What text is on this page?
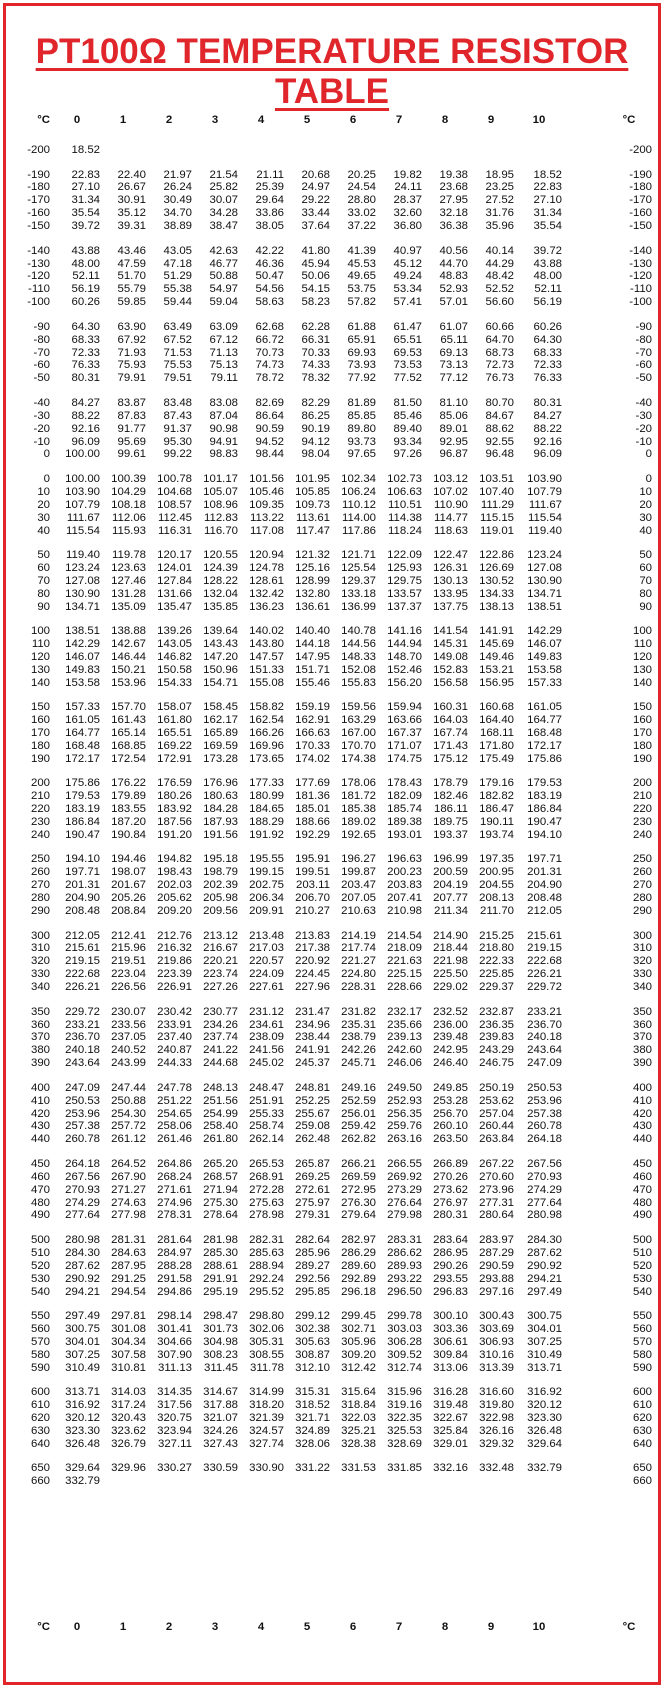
PT100Ω TEMPERATURE RESISTOR TABLE
°C	0	1	2	3	4	5	6	7	8	9	10	°C
-200	18.52	-200
-190	22.83	22.40	21.97	21.54	21.11	20.68	20.25	19.82	19.38	18.95	18.52	-190
-180	27.10	26.67	26.24	25.82	25.39	24.97	24.54	24.11	23.68	23.25	22.83	-180
-170	31.34	30.91	30.49	30.07	29.64	29.22	28.80	28.37	27.95	27.52	27.10	-170
-160	35.54	35.12	34.70	34.28	33.86	33.44	33.02	32.60	32.18	31.76	31.34	-160
-150	39.72	39.31	38.89	38.47	38.05	37.64	37.22	36.80	36.38	35.96	35.54	-150
-140	43.88	43.46	43.05	42.63	42.22	41.80	41.39	40.97	40.56	40.14	39.72	-140
-130	48.00	47.59	47.18	46.77	46.36	45.94	45.53	45.12	44.70	44.29	43.88	-130
-120	52.11	51.70	51.29	50.88	50.47	50.06	49.65	49.24	48.83	48.42	48.00	-120
-110	56.19	55.79	55.38	54.97	54.56	54.15	53.75	53.34	52.93	52.52	52.11	-110
-100	60.26	59.85	59.44	59.04	58.63	58.23	57.82	57.41	57.01	56.60	56.19	-100
-90	64.30	63.90	63.49	63.09	62.68	62.28	61.88	61.47	61.07	60.66	60.26	-90
-80	68.33	67.92	67.52	67.12	66.72	66.31	65.91	65.51	65.11	64.70	64.30	-80
-70	72.33	71.93	71.53	71.13	70.73	70.33	69.93	69.53	69.13	68.73	68.33	-70
-60	76.33	75.93	75.53	75.13	74.73	74.33	73.93	73.53	73.13	72.73	72.33	-60
-50	80.31	79.91	79.51	79.11	78.72	78.32	77.92	77.52	77.12	76.73	76.33	-50
-40	84.27	83.87	83.48	83.08	82.69	82.29	81.89	81.50	81.10	80.70	80.31	-40
-30	88.22	87.83	87.43	87.04	86.64	86.25	85.85	85.46	85.06	84.67	84.27	-30
-20	92.16	91.77	91.37	90.98	90.59	90.19	89.80	89.40	89.01	88.62	88.22	-20
-10	96.09	95.69	95.30	94.91	94.52	94.12	93.73	93.34	92.95	92.55	92.16	-10
0	100.00	99.61	99.22	98.83	98.44	98.04	97.65	97.26	96.87	96.48	96.09	0
0	100.00 100.39 100.78 101.17 101.56 101.95 102.34 102.73 103.12 103.51	103.90	0
10	103.90 104.29 104.68 105.07 105.46 105.85 106.24 106.63 107.02 107.40	107.79	10
20	107.79 108.18 108.57 108.96 109.35 109.73	110.12	110.51	110.90	111.29	111.67	20
30	111.67	112.06	112.45	112.83	113.22	113.61	114.00	114.38	114.77	115.15	115.54	30
40	115.54	115.93	116.31	116.70	117.08	117.47	117.86	118.24	118.63	119.01	119.40	40
50	119.40	119.78 120.17 120.55 120.94 121.32 121.71 122.09 122.47 122.86	123.24	50
60	123.24 123.63 124.01 124.39 124.78 125.16 125.54 125.93 126.31 126.69	127.08	60
70	127.08 127.46 127.84 128.22 128.61 128.99 129.37 129.75 130.13 130.52	130.90	70
80	130.90 131.28 131.66 132.04 132.42 132.80 133.18 133.57 133.95 134.33	134.71	80
90	134.71 135.09 135.47 135.85 136.23 136.61 136.99 137.37 137.75 138.13	138.51	90
100	138.51 138.88 139.26 139.64 140.02 140.40 140.78 141.16 141.54 141.91	142.29	100
110	142.29 142.67 143.05 143.43 143.80 144.18 144.56 144.94 145.31 145.69	146.07	110
120	146.07 146.44 146.82 147.20 147.57 147.95 148.33 148.70 149.08 149.46	149.83	120
130	149.83 150.21 150.58 150.96 151.33 151.71 152.08 152.46 152.83 153.21	153.58	130
140	153.58 153.96 154.33 154.71 155.08 155.46 155.83 156.20 156.58 156.95	157.33	140
150	157.33 157.70 158.07 158.45 158.82 159.19 159.56 159.94 160.31 160.68	161.05	150
160	161.05 161.43 161.80 162.17 162.54 162.91 163.29 163.66 164.03 164.40	164.77	160
170	164.77 165.14 165.51 165.89 166.26 166.63 167.00 167.37 167.74	168.11	168.48	170
180	168.48 168.85 169.22 169.59 169.96 170.33 170.70 171.07 171.43 171.80	172.17	180
190	172.17 172.54 172.91 173.28 173.65 174.02 174.38 174.75 175.12 175.49	175.86	190
200	175.86 176.22 176.59 176.96 177.33 177.69 178.06 178.43 178.79 179.16	179.53	200
210	179.53 179.89 180.26 180.63 180.99 181.36 181.72 182.09 182.46 182.82	183.19	210
220	183.19 183.55 183.92 184.28 184.65 185.01 185.38 185.74	186.11 186.47	186.84	220
230	186.84 187.20 187.56 187.93 188.29 188.66 189.02 189.38 189.75	190.11	190.47	230
240	190.47 190.84 191.20 191.56 191.92 192.29 192.65 193.01 193.37 193.74	194.10	240
250	194.10 194.46 194.82 195.18 195.55 195.91 196.27 196.63 196.99 197.35	197.71	250
260	197.71 198.07 198.43 198.79 199.15 199.51 199.87 200.23 200.59 200.95	201.31	260
270	201.31 201.67 202.03 202.39 202.75	203.11 203.47 203.83 204.19 204.55	204.90	270
280	204.90 205.26 205.62 205.98 206.34 206.70 207.05 207.41 207.77 208.13	208.48	280
290	208.48 208.84 209.20 209.56 209.91 210.27 210.63 210.98	211.34	211.70	212.05	290
300	212.05 212.41 212.76 213.12 213.48 213.83 214.19 214.54 214.90 215.25	215.61	300
310	215.61 215.96 216.32 216.67 217.03 217.38 217.74 218.09 218.44 218.80	219.15	310
320	219.15 219.51 219.86 220.21 220.57 220.92 221.27 221.63 221.98 222.33	222.68	320
330	222.68 223.04 223.39 223.74 224.09 224.45 224.80 225.15 225.50 225.85	226.21	330
340	226.21 226.56 226.91 227.26 227.61 227.96 228.31 228.66 229.02 229.37	229.72	340
350	229.72 230.07 230.42 230.77 231.12 231.47 231.82 232.17 232.52 232.87	233.21	350
360	233.21 233.56 233.91 234.26 234.61 234.96 235.31 235.66 236.00 236.35	236.70	360
370	236.70 237.05 237.40 237.74 238.09 238.44 238.79 239.13 239.48 239.83	240.18	370
380	240.18 240.52 240.87 241.22 241.56 241.91 242.26 242.60 242.95 243.29	243.64	380
390	243.64 243.99 244.33 244.68 245.02 245.37 245.71 246.06 246.40 246.75	247.09	390
400	247.09 247.44 247.78 248.13 248.47 248.81 249.16 249.50 249.85 250.19	250.53	400
410	250.53 250.88 251.22 251.56 251.91 252.25 252.59 252.93 253.28 253.62	253.96	410
420	253.96 254.30 254.65 254.99 255.33 255.67 256.01 256.35 256.70 257.04	257.38	420
430	257.38 257.72 258.06 258.40 258.74 259.08 259.42 259.76 260.10 260.44	260.78	430
440	260.78 261.12 261.46 261.80 262.14 262.48 262.82 263.16 263.50 263.84	264.18	440
450	264.18 264.52 264.86 265.20 265.53 265.87 266.21 266.55 266.89 267.22	267.56	450
460	267.56 267.90 268.24 268.57 268.91 269.25 269.59 269.92 270.26 270.60	270.93	460
470	270.93 271.27 271.61 271.94 272.28 272.61 272.95 273.29 273.62 273.96	274.29	470
480	274.29 274.63 274.96 275.30 275.63 275.97 276.30 276.64 276.97 277.31	277.64	480
490	277.64 277.98 278.31 278.64 278.98 279.31 279.64 279.98 280.31 280.64	280.98	490
500	280.98 281.31 281.64 281.98 282.31 282.64 282.97 283.31 283.64 283.97	284.30	500
510	284.30 284.63 284.97 285.30 285.63 285.96 286.29 286.62 286.95 287.29	287.62	510
520	287.62 287.95 288.28 288.61 288.94 289.27 289.60 289.93 290.26 290.59	290.92	520
530	290.92 291.25 291.58 291.91 292.24 292.56 292.89 293.22 293.55 293.88	294.21	530
540	294.21 294.54 294.86 295.19 295.52 295.85 296.18 296.50 296.83 297.16	297.49	540
550	297.49 297.81 298.14 298.47 298.80 299.12 299.45 299.78 300.10 300.43	300.75	550
560	300.75 301.08 301.41 301.73 302.06 302.38 302.71 303.03 303.36 303.69	304.01	560
570	304.01 304.34 304.66 304.98 305.31 305.63 305.96 306.28 306.61 306.93	307.25	570
580	307.25 307.58 307.90 308.23 308.55 308.87 309.20 309.52 309.84 310.16	310.49	580
590	310.49 310.81	311.13	311.45	311.78 312.10 312.42 312.74 313.06 313.39	313.71	590
600	313.71 314.03 314.35 314.67 314.99 315.31 315.64 315.96 316.28 316.60	316.92	600
610	316.92 317.24 317.56 317.88 318.20 318.52 318.84 319.16 319.48 319.80	320.12	610
620	320.12 320.43 320.75 321.07 321.39 321.71 322.03 322.35 322.67 322.98	323.30	620
630	323.30 323.62 323.94 324.26 324.57 324.89 325.21 325.53 325.84 326.16	326.48	630
640	326.48 326.79	327.11 327.43 327.74 328.06 328.38 328.69 329.01 329.32	329.64	640
650	329.64 329.96 330.27 330.59 330.90 331.22 331.53 331.85 332.16 332.48	332.79	650
660	332.79	660
°C	0	1	2	3	4	5	6	7	8	9	10	°C
